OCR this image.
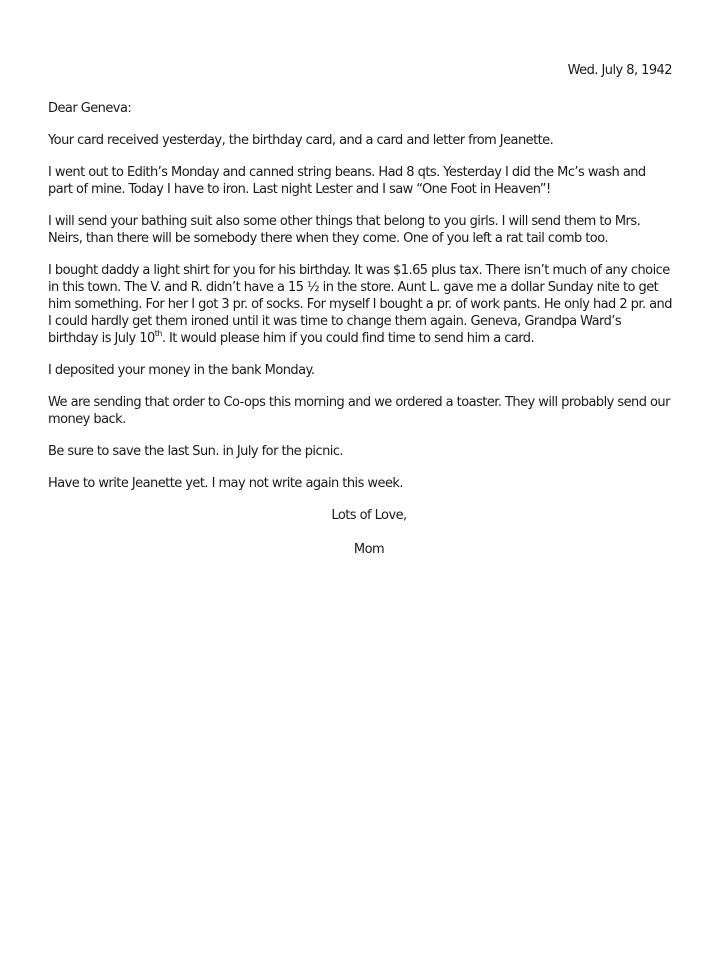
Wed. July 8, 1942
Dear Geneva:
Your card received yesterday, the birthday card, and a card and letter from Jeanette.
I went out to Edith’s Monday and canned string beans. Had 8 qts. Yesterday I did the Mc’s wash and part of mine. Today I have to iron. Last night Lester and I saw “One Foot in Heaven”!
I will send your bathing suit also some other things that belong to you girls. I will send them to Mrs. Neirs, than there will be somebody there when they come. One of you left a rat tail comb too.
I bought daddy a light shirt for you for his birthday. It was $1.65 plus tax. There isn’t much of any choice in this town. The V. and R. didn’t have a 15 ½ in the store. Aunt L. gave me a dollar Sunday nite to get him something. For her I got 3 pr. of socks. For myself I bought a pr. of work pants. He only had 2 pr. and I could hardly get them ironed until it was time to change them again. Geneva, Grandpa Ward’s birthday is July 10th. It would please him if you could find time to send him a card.
I deposited your money in the bank Monday.
We are sending that order to Co-ops this morning and we ordered a toaster. They will probably send our money back.
Be sure to save the last Sun. in July for the picnic.
Have to write Jeanette yet. I may not write again this week.
Lots of Love,
Mom
